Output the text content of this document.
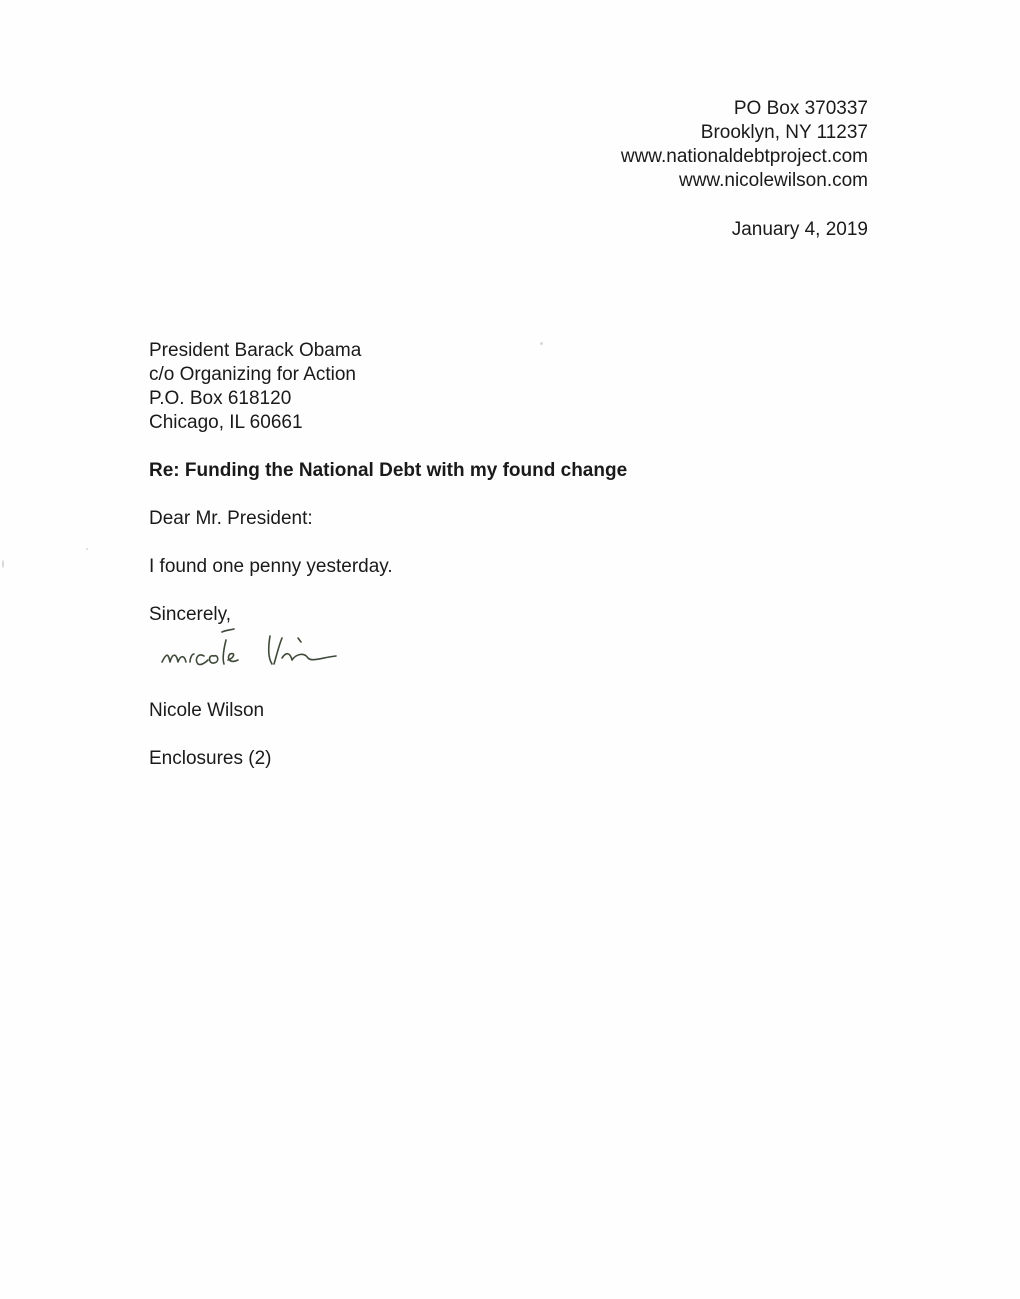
PO Box 370337
Brooklyn, NY 11237
www.nationaldebtproject.com
www.nicolewilson.com
January 4, 2019
President Barack Obama
c/o Organizing for Action
P.O. Box 618120
Chicago, IL 60661
Re: Funding the National Debt with my found change
Dear Mr. President:
I found one penny yesterday.
Sincerely,
Nicole Wilson
Enclosures (2)
